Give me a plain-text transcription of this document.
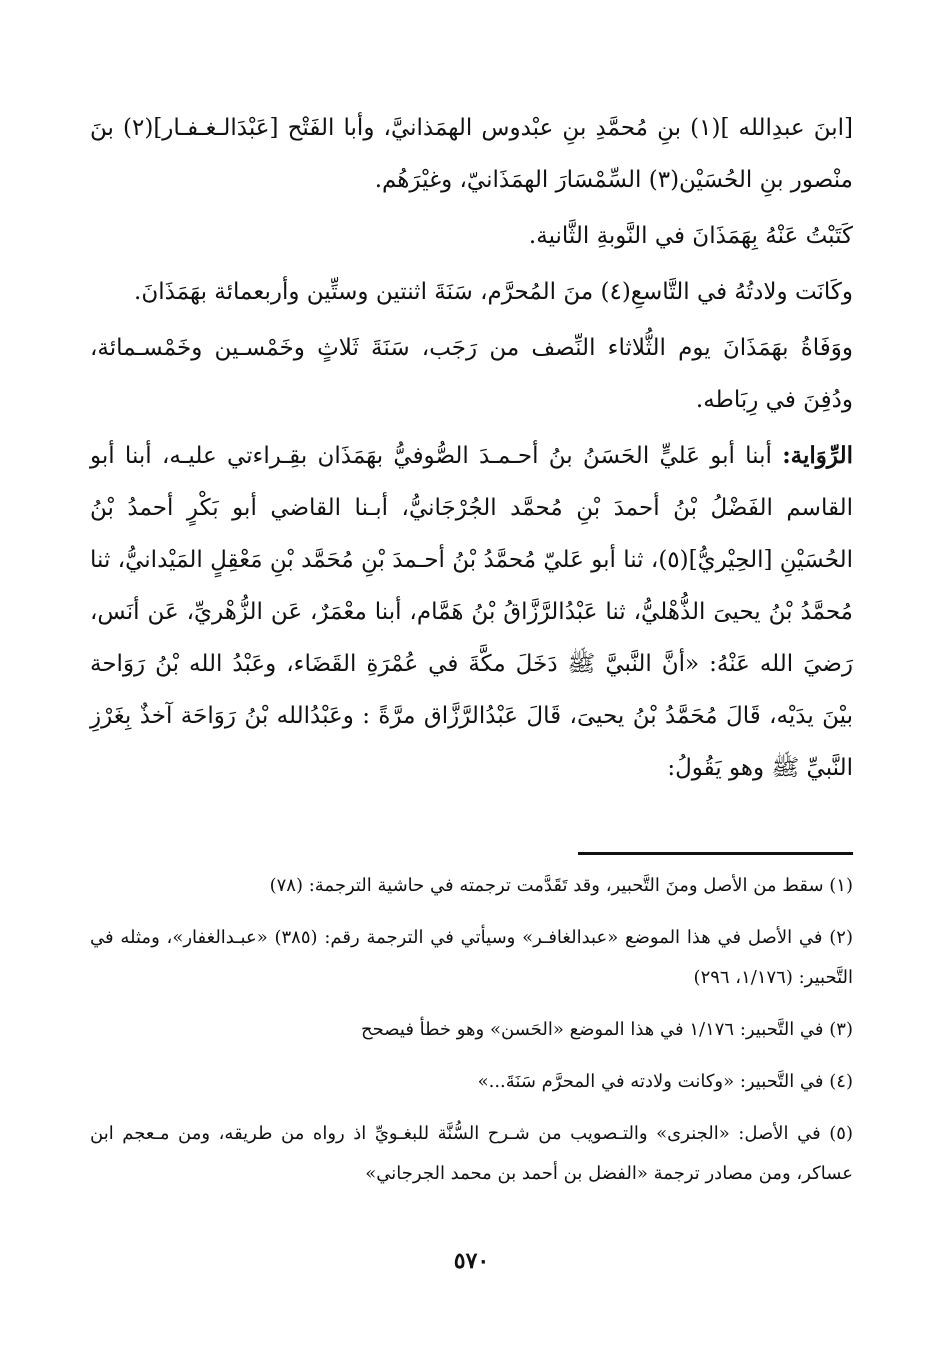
[ابنَ عبدِالله ](١) بنِ مُحمَّدِ بنِ عبْدوس الهمَذانيَّ، وأبا الفَتْح [عَبْدَالـغـفـار](٢) بنَ منْصور بنِ الحُسَيْن(٣) السِّمْسَارَ الهمَذَانيّ، وغيْرَهُم.

كَتَبْتُ عَنْهُ بِهَمَذَانَ في النَّوبةِ الثَّانية.

وكَانَت ولادتُهُ في التَّاسعِ(٤) منَ المُحرَّم، سَنَةَ اثنتين وستِّين وأربعمائة بهَمَذَانَ.

ووَفَاةُ بهَمَذَانَ يوم الثُّلاثاء النِّصف من رَجَب، سَنَةَ ثَلاثٍ وخَمْسـين وخَمْسـمائة، ودُفِنَ في رِبَاطه.

الرِّوَاية: أبنا أبو عَليٍّ الحَسَنُ بنُ أحـمـدَ الصُّوفيُّ بهَمَذَان بقِـراءتي عليـه، أبنا أبو القاسم الفَضْلُ بْنُ أحمدَ بْنِ مُحمَّد الجُرْجَانيُّ، أبـنا القاضي أبو بَكْرٍ أحمدُ بْنُ الحُسَيْنِ [الحِيْريُّ](٥)، ثنا أبو عَليّ مُحمَّدُ بْنُ أحـمدَ بْنِ مُحَمَّد بْنِ مَعْقِلٍ المَيْدانيُّ، ثنا مُحمَّدُ بْنُ يحيىَ الذُّهْليُّ، ثنا عَبْدُالرَّزَّاقُ بْنُ هَمَّام، أبنا معْمَرٌ، عَن الزُّهْريِّ، عَن أنَس، رَضيَ الله عَنْهُ: «أنَّ النَّبيَّ ﷺ دَخَلَ مكَّةَ في عُمْرَةِ القَضَاء، وعَبْدُ الله بْنُ رَوَاحة بيْنَ يدَيْه، قَالَ مُحَمَّدُ بْنُ يحيىَ، قَالَ عَبْدُالرَّزَّاق مرَّةً : وعَبْدُالله بْنُ رَوَاحَة آخذٌ بِغَرْزِ النَّبيِّ ﷺ وهو يَقُولُ:

(١) سقط من الأصل ومنَ التَّحبير، وقد تَقَدَّمت ترجمته في حاشية الترجمة: (٧٨)

(٢) في الأصل في هذا الموضع «عبدالغافـر» وسيأتي في الترجمة رقم: (٣٨٥) «عبـدالغفار»، ومثله في التَّحبير: (١/١٧٦، ٢٩٦)

(٣) في التَّحبير: ١/١٧٦ في هذا الموضع «الحَسن» وهو خطأ فيصحح

(٤) في التَّحبير: «وكانت ولادته في المحرَّم سَنَةَ...»

(٥) في الأصل: «الجنرى» والتـصويب من شـرح السُّنَّة للبغـويِّ اذ رواه من طريقه، ومن مـعجم ابن عساكر، ومن مصادر ترجمة «الفضل بن أحمد بن محمد الجرجاني»

٥٧٠
